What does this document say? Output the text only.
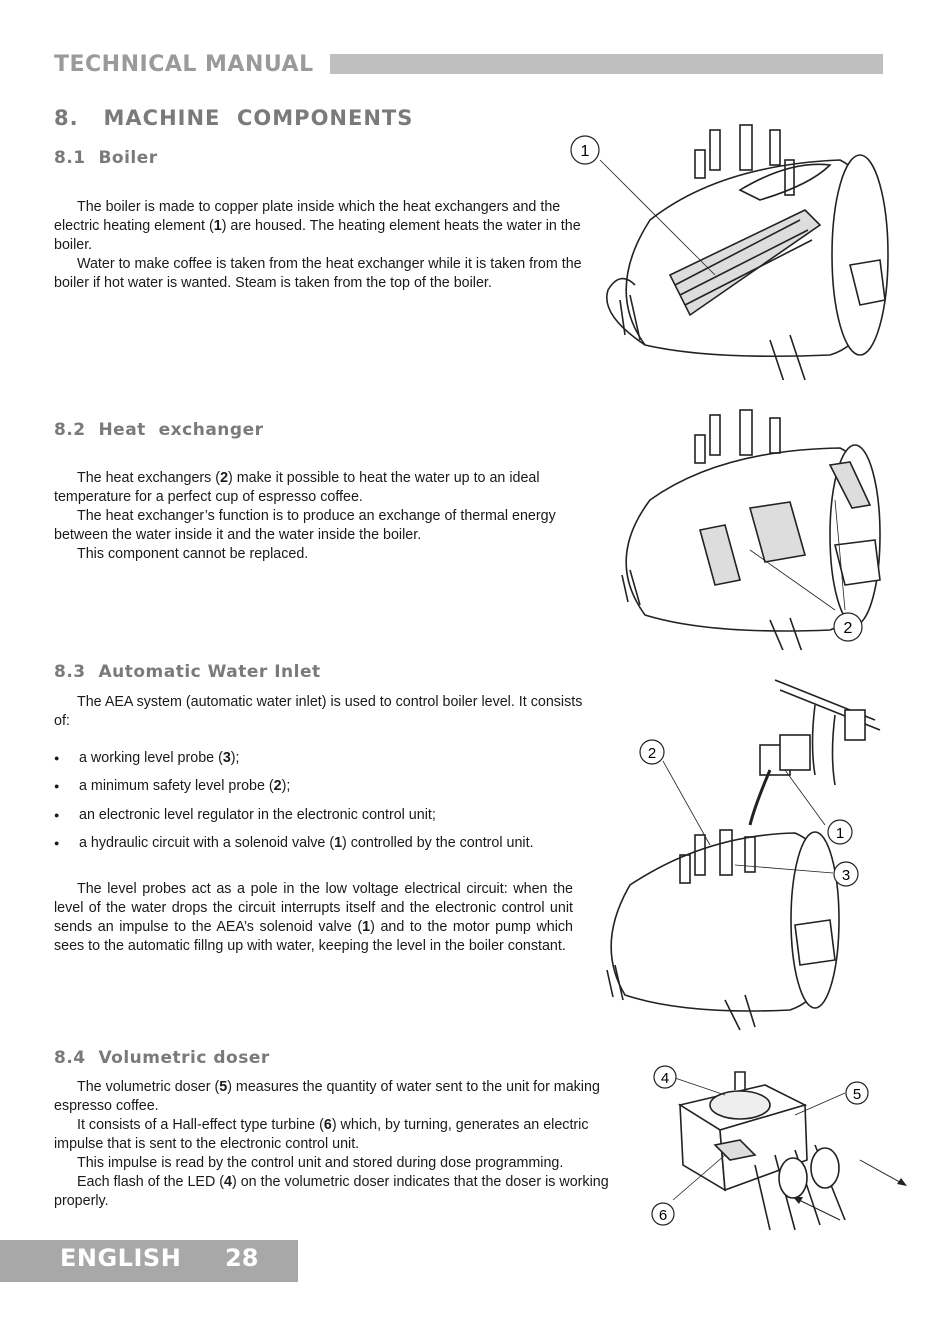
TECHNICAL MANUAL
8. MACHINE  COMPONENTS
8.1  Boiler

The boiler is made to copper plate inside which the heat exchangers and the electric heating element (1) are housed. The heating element heats the water in the boiler.

Water to make coffee is taken from the heat exchanger while it is taken from the boiler if hot water is wanted. Steam is taken from the top of the boiler.

1
8.2  Heat  exchanger

The heat exchangers (2) make it possible to heat the water up to an ideal temperature for a perfect cup of espresso coffee.

The heat exchanger’s function is to produce an exchange of thermal energy between the water inside it and the water inside the boiler.

This component cannot be replaced.

2
8.3  Automatic Water Inlet

The AEA system (automatic water inlet) is used to control boiler level. It consists of:

● a working level probe (3);
● a minimum safety level probe (2);
● an electronic level regulator in the electronic control unit;
● a hydraulic circuit with a solenoid valve (1) controlled by the control unit.

The level probes act as a pole in the low voltage electrical circuit: when the level of the water drops the circuit interrupts itself and the electronic control unit sends an impulse to the AEA’s solenoid valve (1) and to the motor pump which sees to the automatic fillng up with water, keeping the level in the boiler constant.

2
1
3
8.4  Volumetric doser

The volumetric doser (5) measures the quantity of water sent to the unit for making espresso coffee.

It consists of a Hall-effect type turbine (6) which, by turning, generates an electric impulse that is sent to the electronic control unit.

This impulse is read by the control unit and stored during dose programming.

Each flash of the LED (4) on the volumetric doser indicates that the doser is working properly.

4
5
6
ENGLISH 28
